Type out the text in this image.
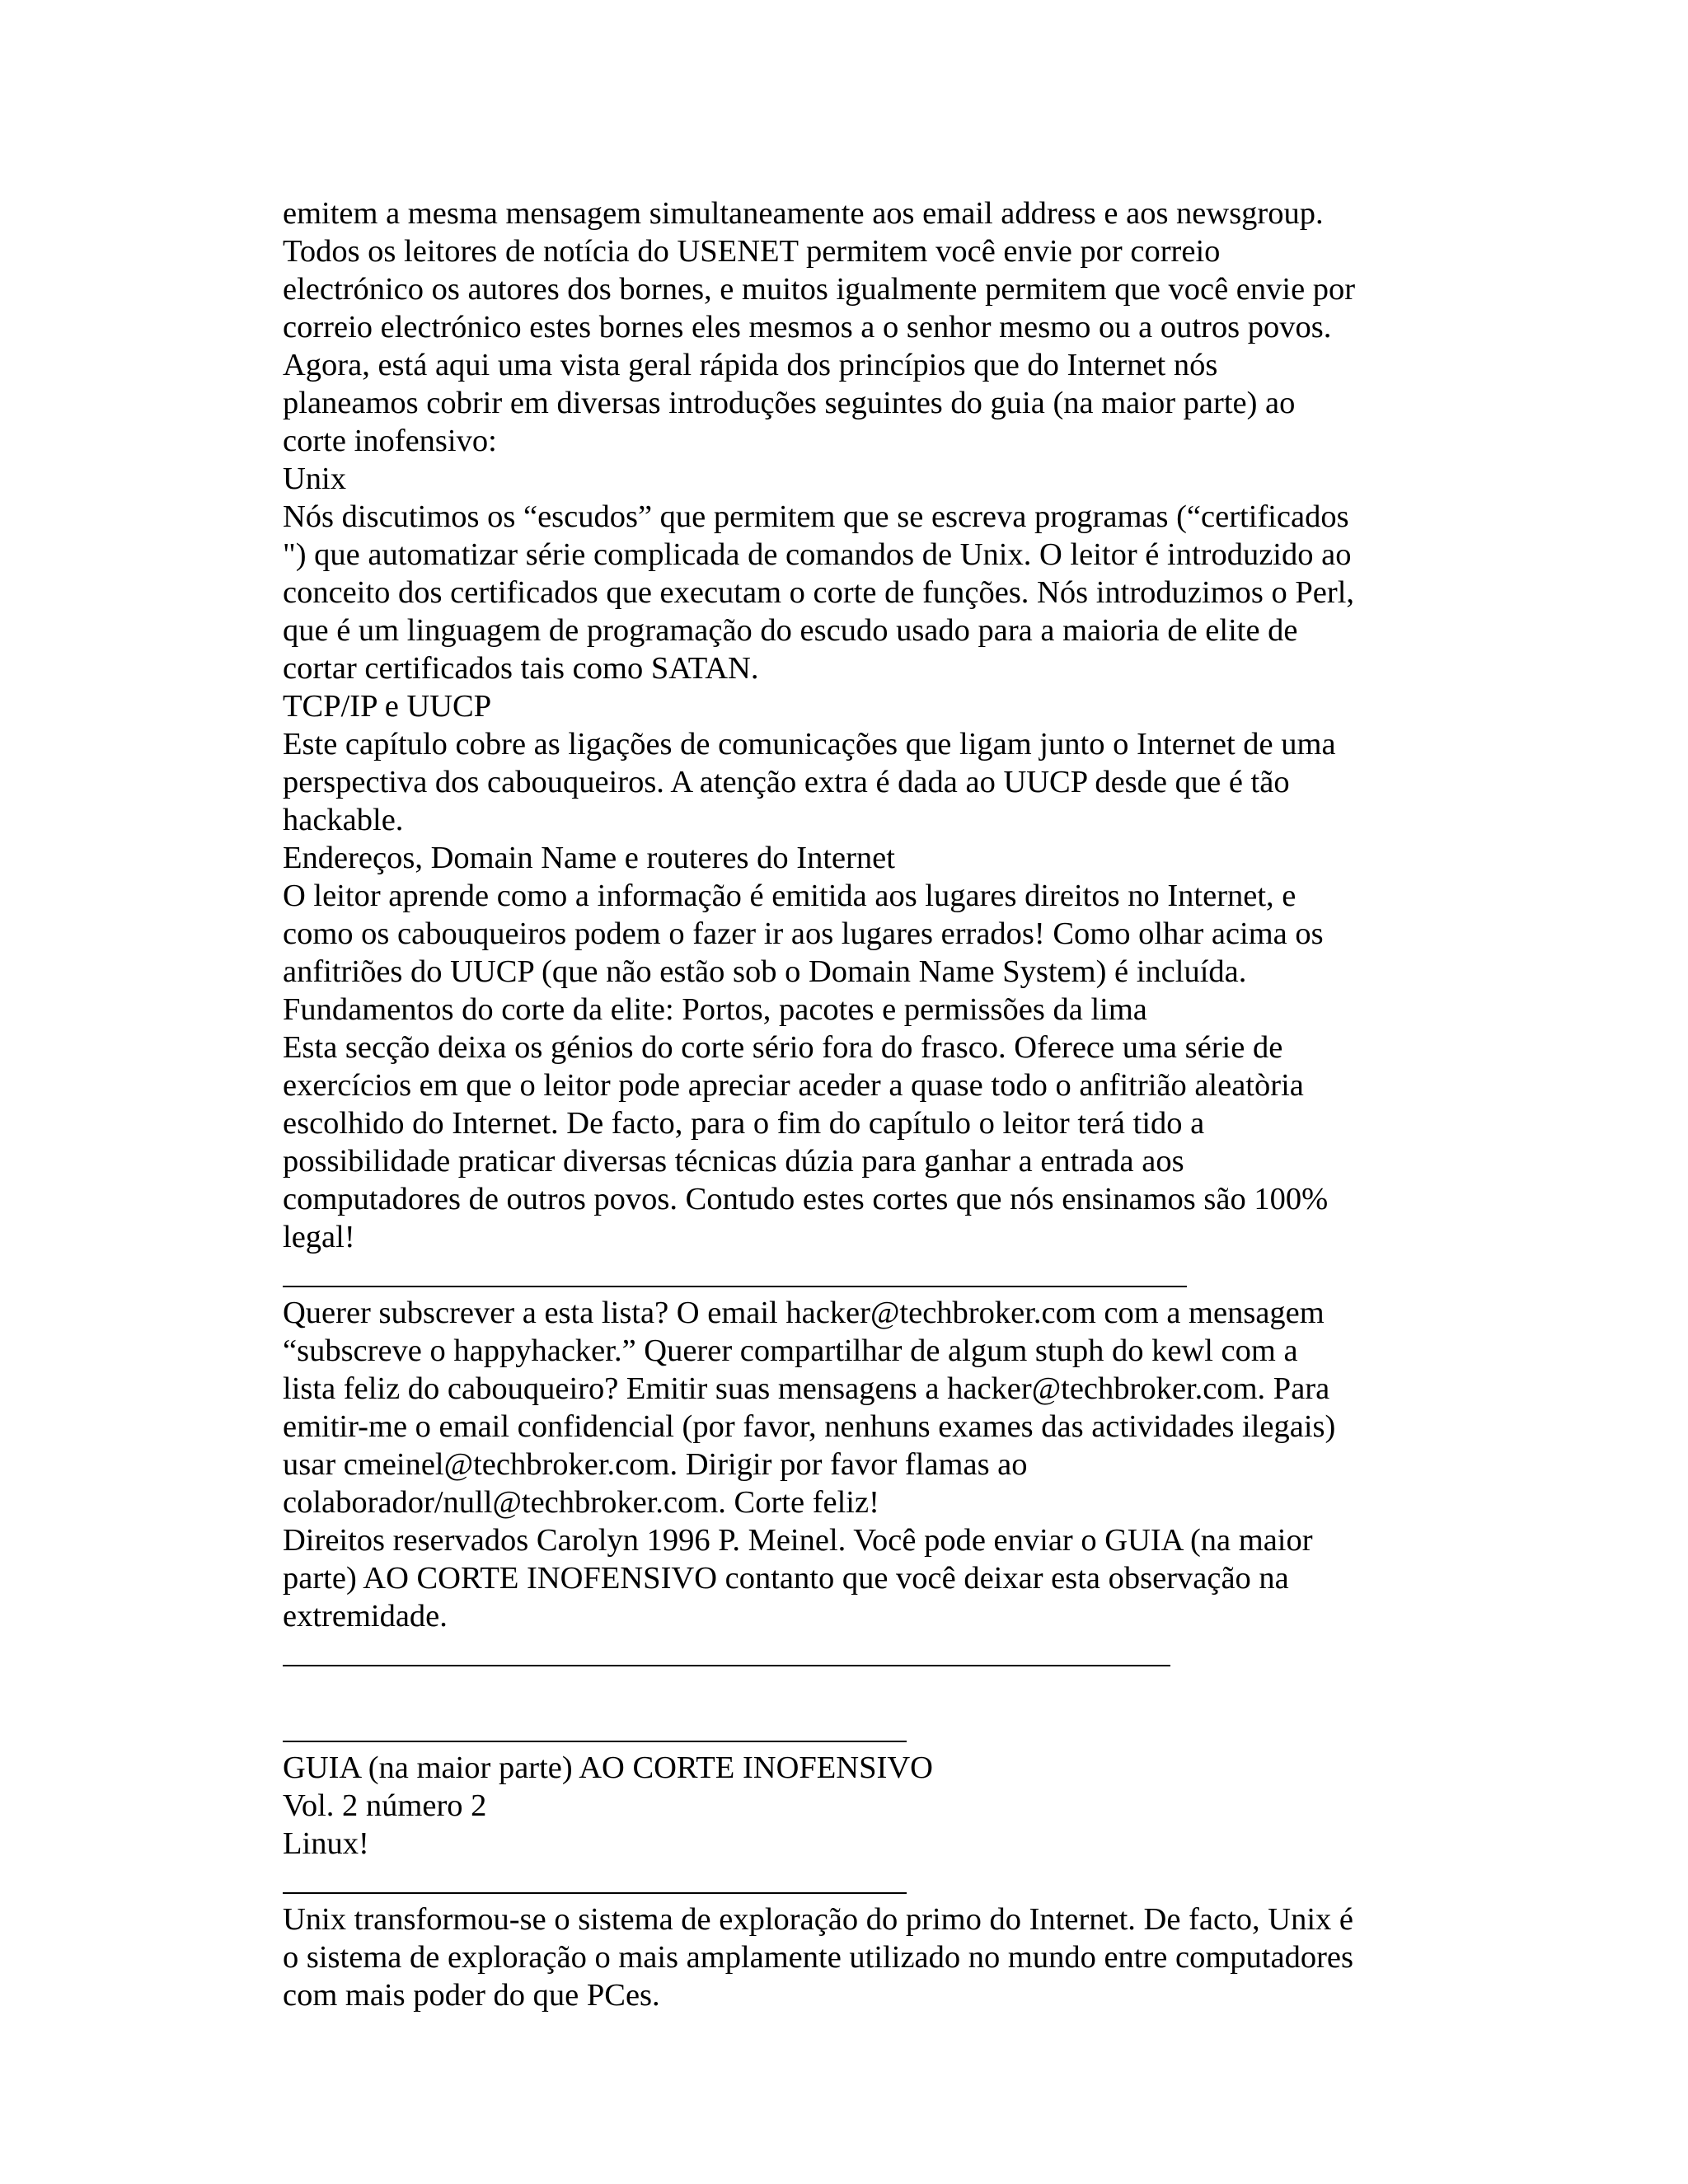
emitem a mesma mensagem simultaneamente aos email address e aos newsgroup.
Todos os leitores de notícia do USENET permitem você envie por correio
electrónico os autores dos bornes, e muitos igualmente permitem que você envie por
correio electrónico estes bornes eles mesmos a o senhor mesmo ou a outros povos.
Agora, está aqui uma vista geral rápida dos princípios que do Internet nós
planeamos cobrir em diversas introduções seguintes do guia (na maior parte) ao
corte inofensivo:
Unix
Nós discutimos os “escudos” que permitem que se escreva programas (“certificados
") que automatizar série complicada de comandos de Unix. O leitor é introduzido ao
conceito dos certificados que executam o corte de funções. Nós introduzimos o Perl,
que é um linguagem de programação do escudo usado para a maioria de elite de
cortar certificados tais como SATAN.
TCP/IP e UUCP
Este capítulo cobre as ligações de comunicações que ligam junto o Internet de uma
perspectiva dos cabouqueiros. A atenção extra é dada ao UUCP desde que é tão
hackable.
Endereços, Domain Name e routeres do Internet
O leitor aprende como a informação é emitida aos lugares direitos no Internet, e
como os cabouqueiros podem o fazer ir aos lugares errados! Como olhar acima os
anfitriões do UUCP (que não estão sob o Domain Name System) é incluída.
Fundamentos do corte da elite: Portos, pacotes e permissões da lima
Esta secção deixa os génios do corte sério fora do frasco. Oferece uma série de
exercícios em que o leitor pode apreciar aceder a quase todo o anfitrião aleatòria
escolhido do Internet. De facto, para o fim do capítulo o leitor terá tido a
possibilidade praticar diversas técnicas dúzia para ganhar a entrada aos
computadores de outros povos. Contudo estes cortes que nós ensinamos são 100%
legal!
Querer subscrever a esta lista? O email hacker@techbroker.com com a mensagem
“subscreve o happyhacker.” Querer compartilhar de algum stuph do kewl com a
lista feliz do cabouqueiro? Emitir suas mensagens a hacker@techbroker.com. Para
emitir-me o email confidencial (por favor, nenhuns exames das actividades ilegais)
usar cmeinel@techbroker.com. Dirigir por favor flamas ao
colaborador/null@techbroker.com. Corte feliz!
Direitos reservados Carolyn 1996 P. Meinel. Você pode enviar o GUIA (na maior
parte) AO CORTE INOFENSIVO contanto que você deixar esta observação na
extremidade.
GUIA (na maior parte) AO CORTE INOFENSIVO
Vol. 2 número 2
Linux!
Unix transformou-se o sistema de exploração do primo do Internet. De facto, Unix é
o sistema de exploração o mais amplamente utilizado no mundo entre computadores
com mais poder do que PCes.
